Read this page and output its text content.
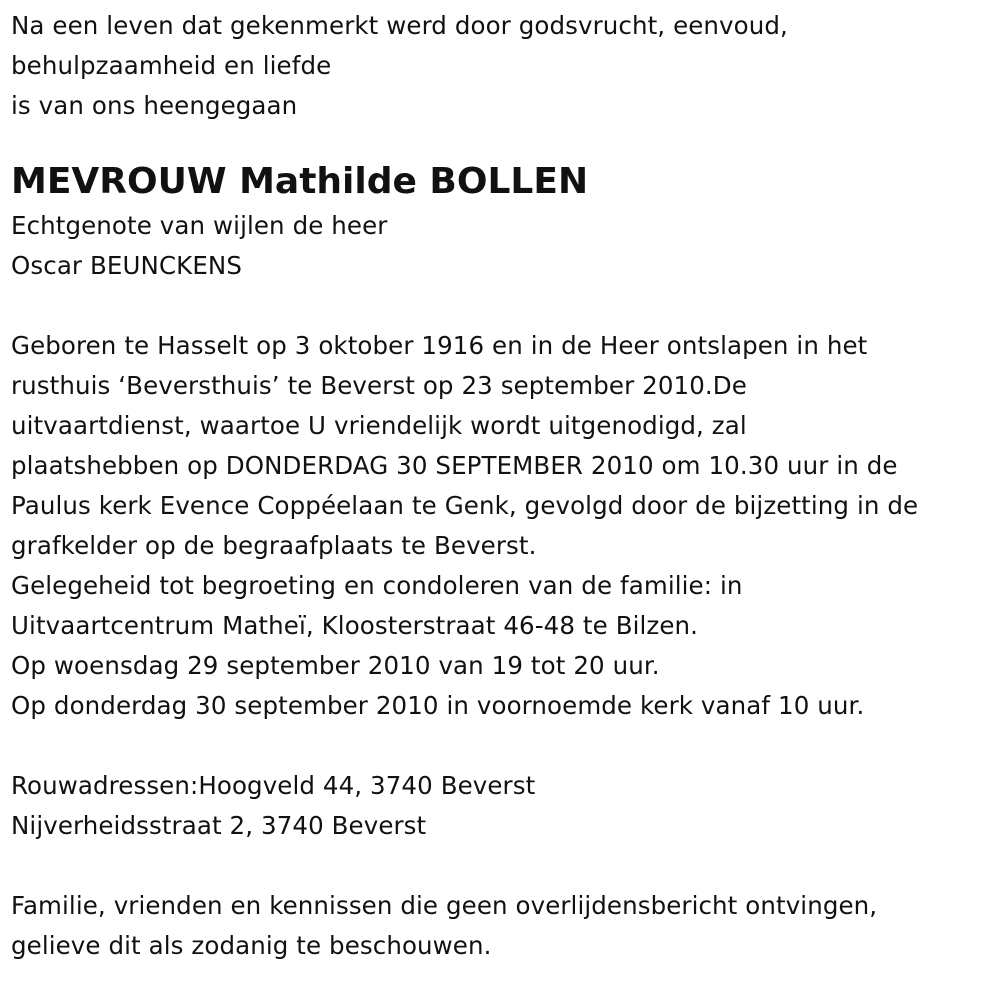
Na een leven dat gekenmerkt werd door godsvrucht, eenvoud,
behulpzaamheid en liefde
is van ons heengegaan
MEVROUW Mathilde BOLLEN
Echtgenote van wijlen de heer
Oscar BEUNCKENS
Geboren te Hasselt op 3 oktober 1916 en in de Heer ontslapen in het
rusthuis ‘Beversthuis’ te Beverst op 23 september 2010.De
uitvaartdienst, waartoe U vriendelijk wordt uitgenodigd, zal
plaatshebben op DONDERDAG 30 SEPTEMBER 2010 om 10.30 uur in de
Paulus kerk Evence Coppéelaan te Genk, gevolgd door de bijzetting in de
grafkelder op de begraafplaats te Beverst.
Gelegeheid tot begroeting en condoleren van de familie: in
Uitvaartcentrum Matheï, Kloosterstraat 46-48 te Bilzen.
Op woensdag 29 september 2010 van 19 tot 20 uur.
Op donderdag 30 september 2010 in voornoemde kerk vanaf 10 uur.
Rouwadressen:Hoogveld 44, 3740 Beverst
Nijverheidsstraat 2, 3740 Beverst
Familie, vrienden en kennissen die geen overlijdensbericht ontvingen,
gelieve dit als zodanig te beschouwen.
